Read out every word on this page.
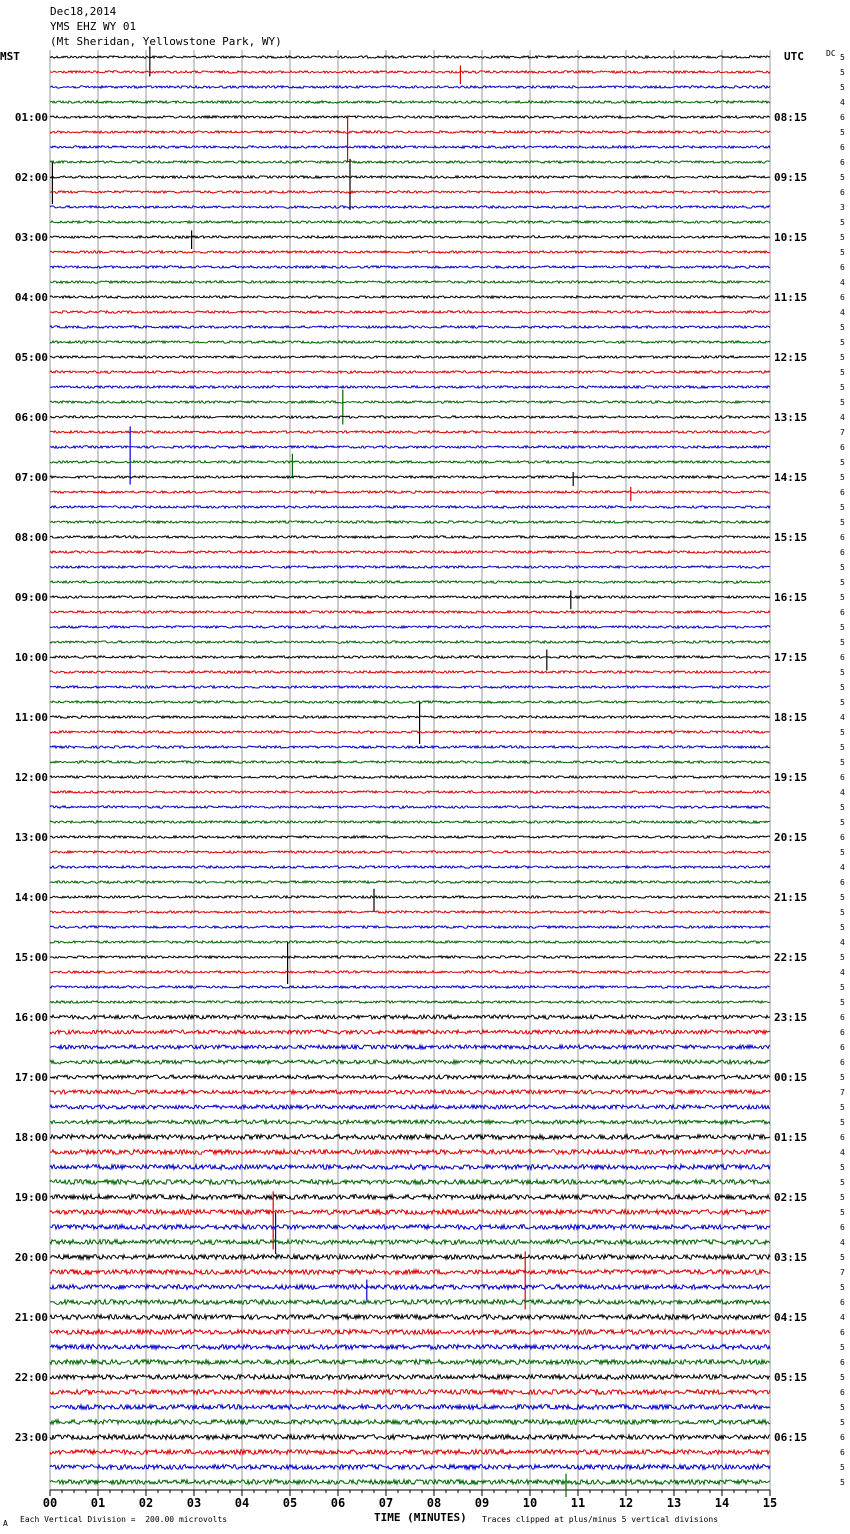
Dec18,2014
YMS EHZ WY 01
(Mt Sheridan, Yellowstone Park, WY)
MST	UTC	DC
00	01	02	03	04	05	06	07	08	09	10	11	12	13	14	15
5
5
5
4
6
5
6
6
5
6
3
5
5
5
6
4
6
4
5
5
5
5
5
5
4
7
6
5
5
6
5
5
6
6
5
5
5
6
5
5
6
5
5
5
4
5
5
5
6
4
5
5
6
5
4
6
5
5
5
4
5
4
5
5
6
6
6
6
5
7
5
5
6
4
5
5
5
5
6
4
5
7
5
6
4
6
5
6
5
6
5
5
6
6
5
5
01:00	08:15
02:00	09:15
03:00	10:15
04:00	11:15
05:00	12:15
06:00	13:15
07:00	14:15
08:00	15:15
09:00	16:15
10:00	17:15
11:00	18:15
12:00	19:15
13:00	20:15
14:00	21:15
15:00	22:15
16:00	23:15
17:00	00:15
18:00	01:15
19:00	02:15
20:00	03:15
21:00	04:15
22:00	05:15
23:00	06:15
TIME (MINUTES)
A Each Vertical Division =  200.00 microvolts	Traces clipped at plus/minus 5 vertical divisions
